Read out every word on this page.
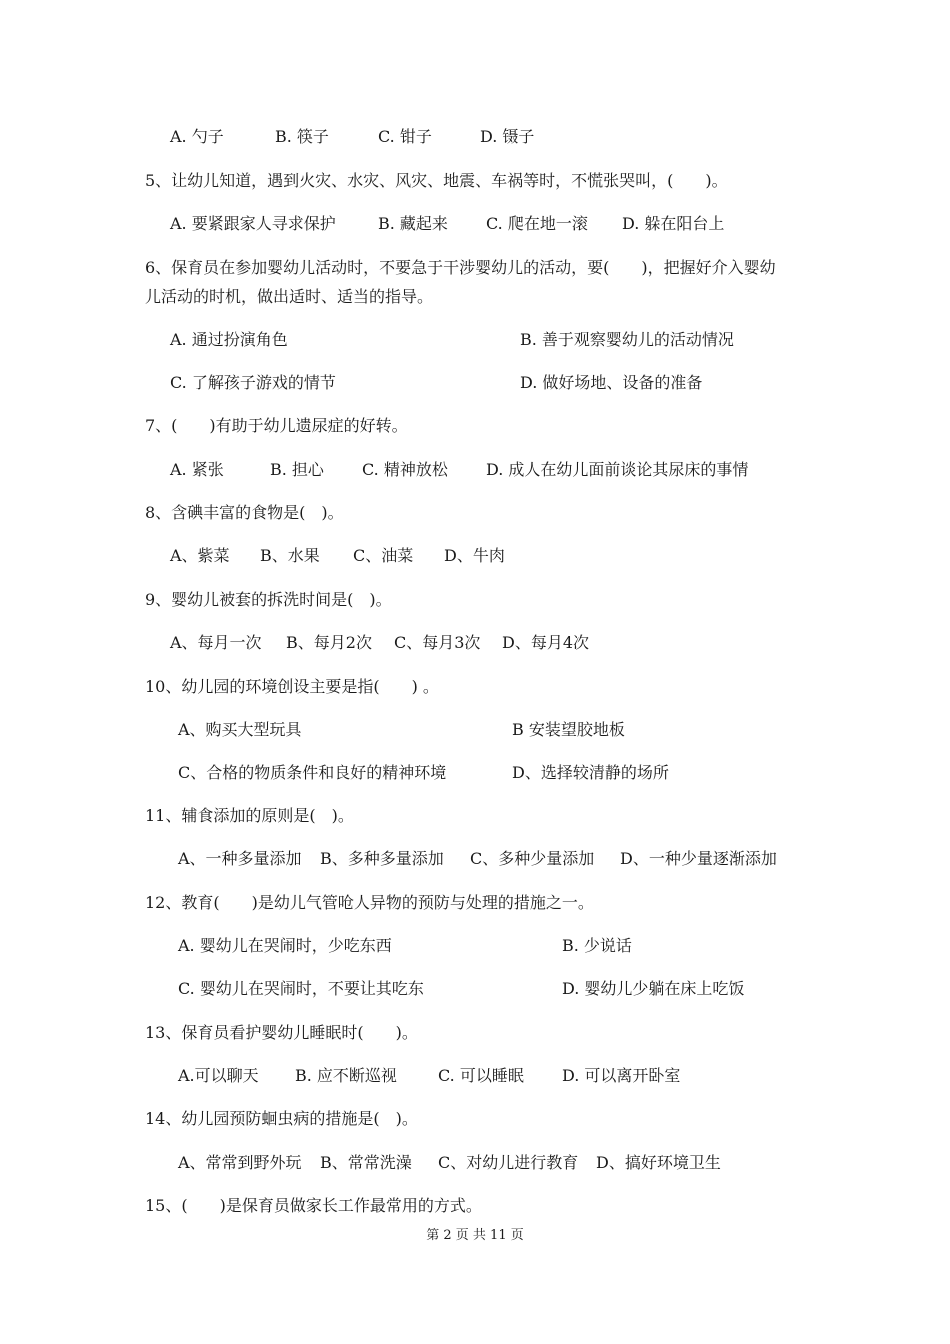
A. 勺子	B. 筷子	C. 钳子	D. 镊子
5、让幼儿知道，遇到火灾、水灾、风灾、地震、车祸等时，不慌张哭叫，(　　)。
A. 要紧跟家人寻求保护	B. 藏起来 C. 爬在地一滚 D. 躲在阳台上
6、保育员在参加婴幼儿活动时，不要急于干涉婴幼儿的活动，要(　　)，把握好介入婴幼
儿活动的时机，做出适时、适当的指导。
A. 通过扮演角色	B. 善于观察婴幼儿的活动情况
C. 了解孩子游戏的情节	D. 做好场地、设备的准备
7、(　　)有助于幼儿遗尿症的好转。
A. 紧张	B. 担心 C. 精神放松 D. 成人在幼儿面前谈论其尿床的事情
8、含碘丰富的食物是(　)。
A、紫菜 B、水果 C、油菜 D、牛肉
9、婴幼儿被套的拆洗时间是(　)。
A、每月一次 B、每月2次 C、每月3次 D、每月4次
10、幼儿园的环境创设主要是指(　　) 。
A、购买大型玩具	B 安装望胶地板
C、合格的物质条件和良好的精神环境	D、选择较清静的场所
11、辅食添加的原则是(　)。
A、一种多量添加 B、多种多量添加 C、多种少量添加 D、一种少量逐渐添加
12、教育(　　)是幼儿气管呛人异物的预防与处理的措施之一。
A. 婴幼儿在哭闹时，少吃东西	B. 少说话
C. 婴幼儿在哭闹时，不要让其吃东	D. 婴幼儿少躺在床上吃饭
13、保育员看护婴幼儿睡眠时(　　)。
A.可以聊天 B. 应不断巡视	C. 可以睡眠 D. 可以离开卧室
14、幼儿园预防蛔虫病的措施是(　)。
A、常常到野外玩 B、常常洗澡 C、对幼儿进行教育 D、搞好环境卫生
15、(　　)是保育员做家长工作最常用的方式。
第 2 页 共 11 页
